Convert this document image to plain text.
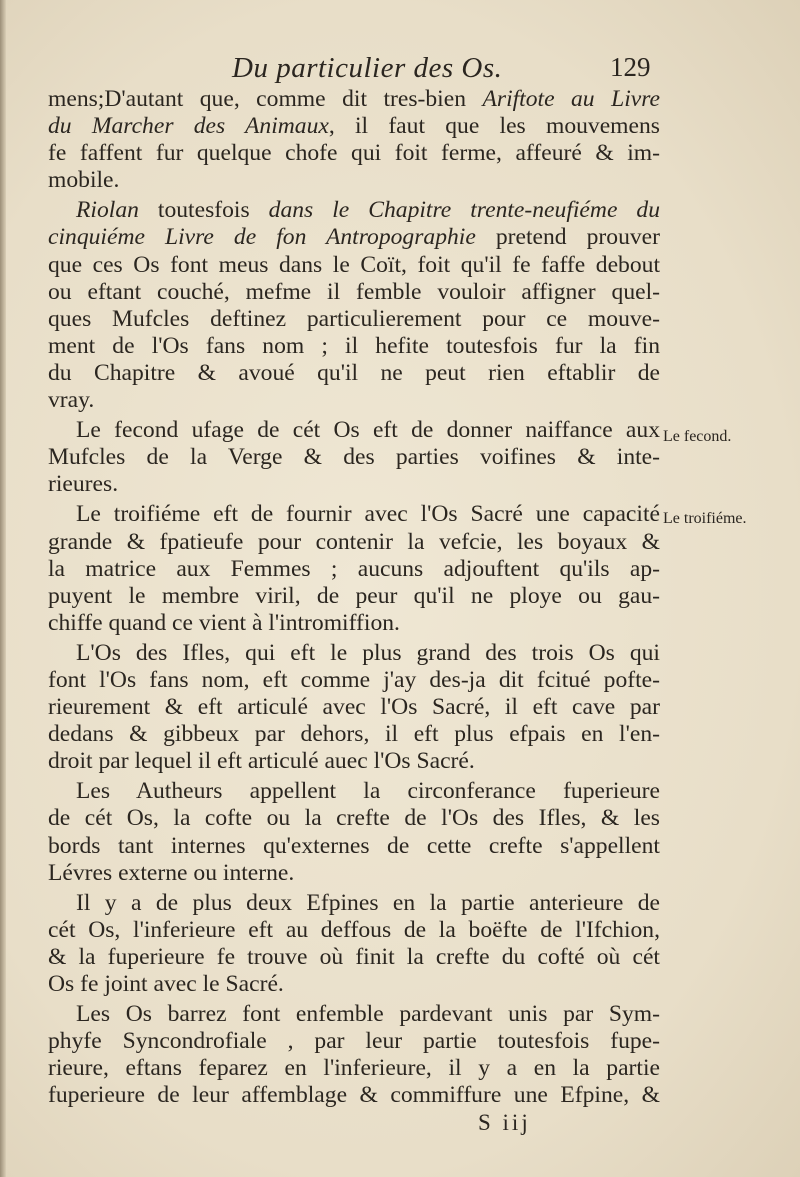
Du particulier des Os.	129
mens;D'autant que, comme dit tres-bien Ariftote au Livre
du Marcher des Animaux, il faut que les mouvemens
fe faffent fur quelque chofe qui foit ferme, affeuré & im-
mobile.
Riolan toutesfois dans le Chapitre trente-neufiéme du
cinquiéme Livre de fon Antropographie pretend prouver
que ces Os font meus dans le Coït, foit qu'il fe faffe debout
ou eftant couché, mefme il femble vouloir affigner quel-
ques Mufcles deftinez particulierement pour ce mouve-
ment de l'Os fans nom ; il hefite toutesfois fur la fin
du Chapitre & avoué qu'il ne peut rien eftablir de
vray.
Le fecond ufage de cét Os eft de donner naiffance aux
Mufcles de la Verge & des parties voifines & inte-
rieures.
Le troifiéme eft de fournir avec l'Os Sacré une capacité
grande & fpatieufe pour contenir la vefcie, les boyaux &
la matrice aux Femmes ; aucuns adjouftent qu'ils ap-
puyent le membre viril, de peur qu'il ne ploye ou gau-
chiffe quand ce vient à l'intromiffion.
L'Os des Ifles, qui eft le plus grand des trois Os qui
font l'Os fans nom, eft comme j'ay des-ja dit fcitué pofte-
rieurement & eft articulé avec l'Os Sacré, il eft cave par
dedans & gibbeux par dehors, il eft plus efpais en l'en-
droit par lequel il eft articulé auec l'Os Sacré.
Les Autheurs appellent la circonferance fuperieure
de cét Os, la cofte ou la crefte de l'Os des Ifles, & les
bords tant internes qu'externes de cette crefte s'appellent
Lévres externe ou interne.
Il y a de plus deux Efpines en la partie anterieure de
cét Os, l'inferieure eft au deffous de la boëfte de l'Ifchion,
& la fuperieure fe trouve où finit la crefte du cofté où cét
Os fe joint avec le Sacré.
Les Os barrez font enfemble pardevant unis par Sym-
phyfe Syncondrofiale , par leur partie toutesfois fupe-
rieure, eftans feparez en l'inferieure, il y a en la partie
fuperieure de leur affemblage & commiffure une Efpine, &
Le fecond.
Le troifiéme.
S iij
